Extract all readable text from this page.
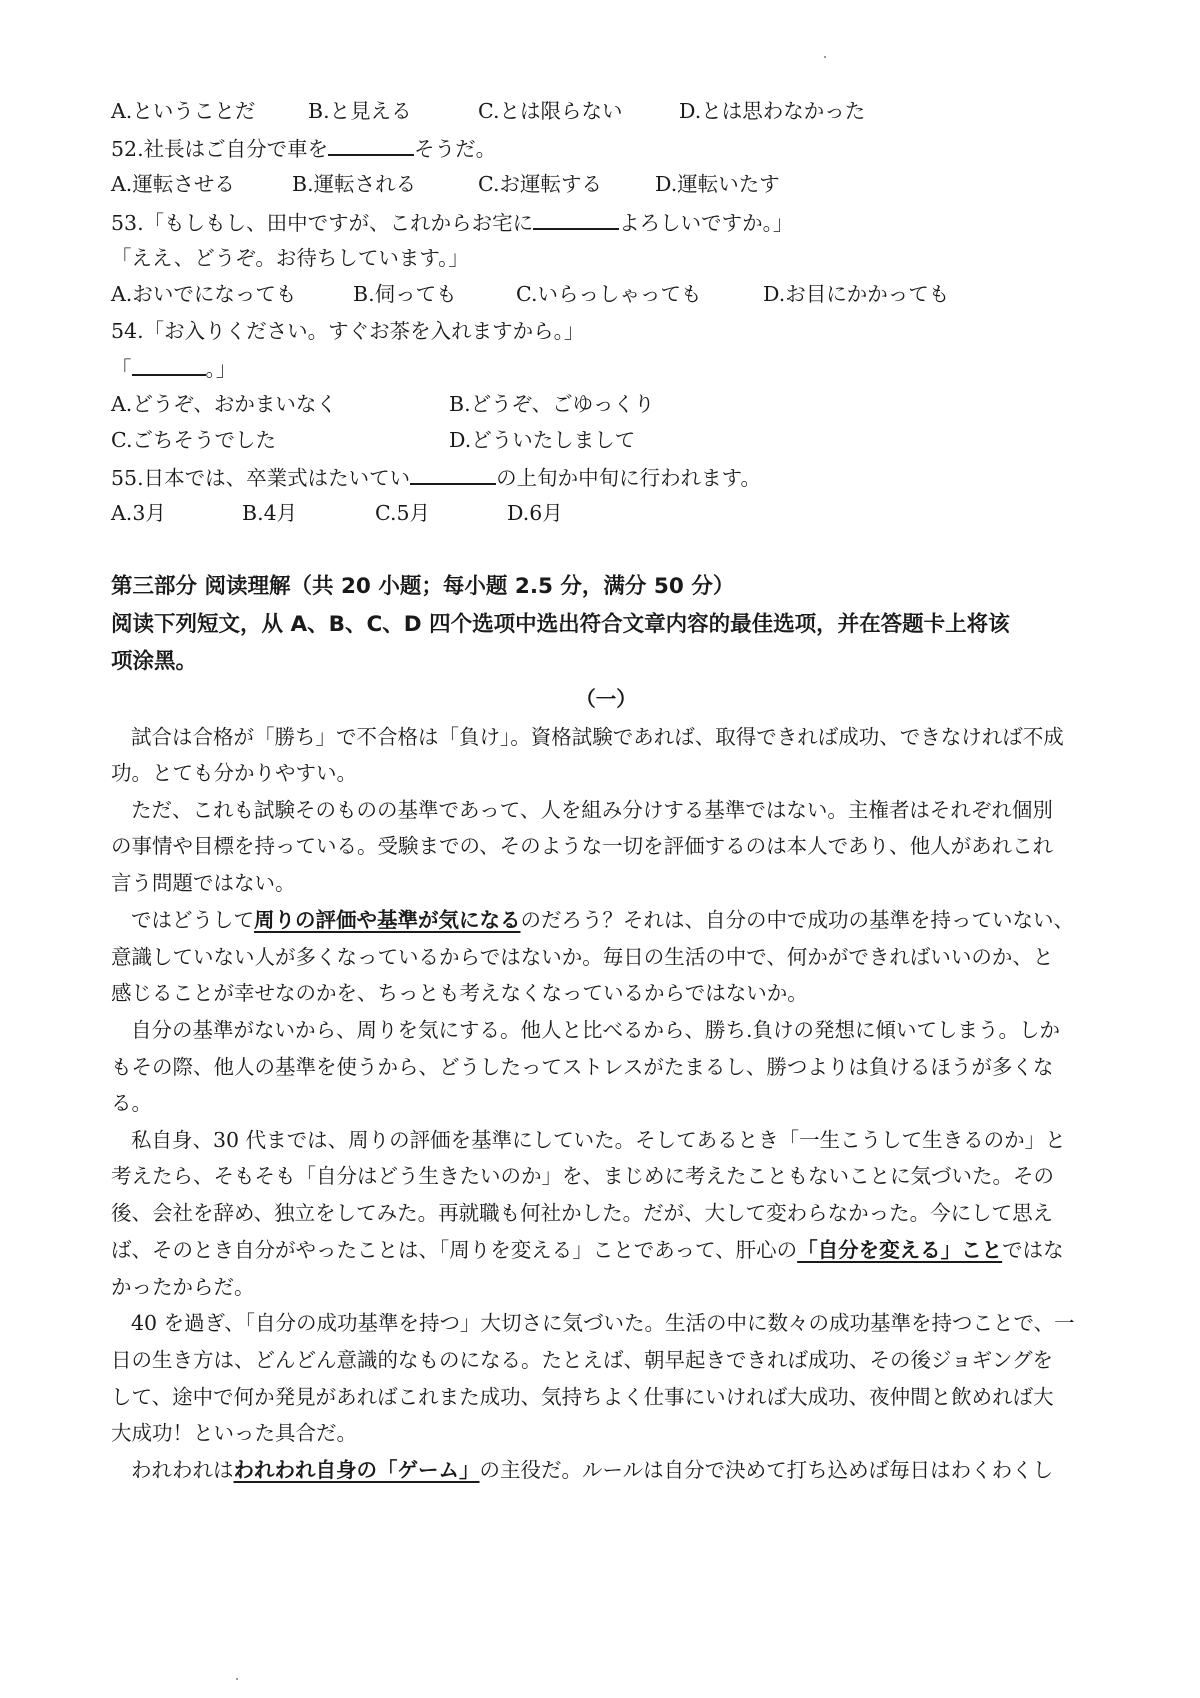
A.ということだ	B.と見える	C.とは限らない	D.とは思わなかった
52.社長はご自分で車を	そうだ。
A.運転させる	B.運転される	C.お運転する	D.運転いたす
53.「もしもし、田中ですが、これからお宅に	よろしいですか。」
「ええ、どうぞ。お待ちしています。」
A.おいでになっても	B.伺っても	C.いらっしゃっても	D.お目にかかっても
54.「お入りください。すぐお茶を入れますから。」
「	。」
A.どうぞ、おかまいなく	B.どうぞ、ごゆっくり
C.ごちそうでした	D.どういたしまして
55.日本では、卒業式はたいてい	の上旬か中旬に行われます。
A.3月	B.4月	C.5月	D.6月
第三部分 阅读理解（共 20 小题；每小题 2.5 分，满分 50 分）
阅读下列短文，从 A、B、C、D 四个选项中选出符合文章内容的最佳选项，并在答题卡上将该
项涂黑。
（一）
試合は合格が「勝ち」で不合格は「負け」。資格試験であれば、取得できれば成功、できなければ不成
功。とても分かりやすい。
ただ、これも試験そのものの基準であって、人を組み分けする基準ではない。主権者はそれぞれ個別
の事情や目標を持っている。受験までの、そのような一切を評価するのは本人であり、他人があれこれ
言う問題ではない。
ではどうして周りの評価や基準が気になるのだろう？それは、自分の中で成功の基準を持っていない、
意識していない人が多くなっているからではないか。毎日の生活の中で、何かができればいいのか、と
感じることが幸せなのかを、ちっとも考えなくなっているからではないか。
自分の基準がないから、周りを気にする。他人と比べるから、勝ち.負けの発想に傾いてしまう。しか
もその際、他人の基準を使うから、どうしたってストレスがたまるし、勝つよりは負けるほうが多くな
る。
私自身、30 代までは、周りの評価を基準にしていた。そしてあるとき「一生こうして生きるのか」と
考えたら、そもそも「自分はどう生きたいのか」を、まじめに考えたこともないことに気づいた。その
後、会社を辞め、独立をしてみた。再就職も何社かした。だが、大して変わらなかった。今にして思え
ば、そのとき自分がやったことは、「周りを変える」ことであって、肝心の「自分を変える」ことではな
かったからだ。
40 を過ぎ、「自分の成功基準を持つ」大切さに気づいた。生活の中に数々の成功基準を持つことで、一
日の生き方は、どんどん意識的なものになる。たとえば、朝早起きできれば成功、その後ジョギングを
して、途中で何か発見があればこれまた成功、気持ちよく仕事にいければ大成功、夜仲間と飲めれば大
大成功！といった具合だ。
われわれはわれわれ自身の「ゲーム」の主役だ。ルールは自分で決めて打ち込めば毎日はわくわくし
